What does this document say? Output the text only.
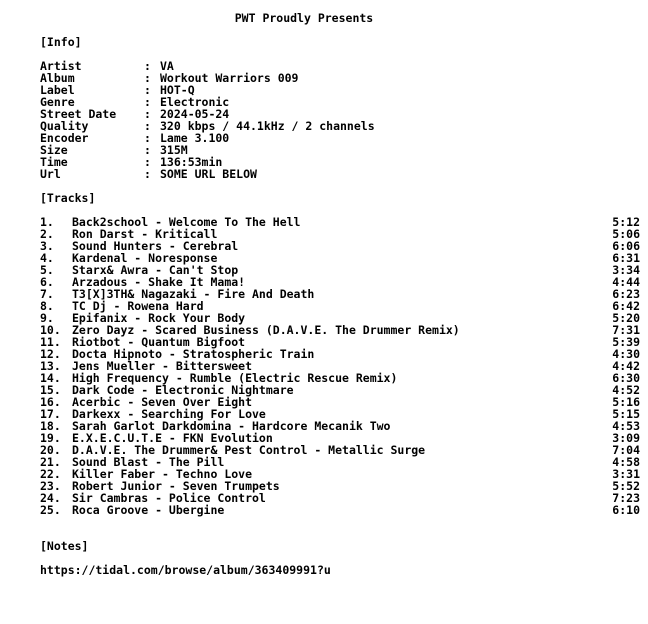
PWT Proudly Presents
[Info]
Artist	: VA
Album	: Workout Warriors 009
Label	: HOT-Q
Genre	: Electronic
Street Date	: 2024-05-24
Quality	: 320 kbps / 44.1kHz / 2 channels
Encoder	: Lame 3.100
Size	: 315M
Time	: 136:53min
Url	: SOME URL BELOW
[Tracks]
1.	Back2school - Welcome To The Hell	5:12
2.	Ron Darst - Kriticall	5:06
3.	Sound Hunters - Cerebral	6:06
4.	Kardenal - Noresponse	6:31
5.	Starx& Awra - Can't Stop	3:34
6.	Arzadous - Shake It Mama!	4:44
7.	T3[X]3TH& Nagazaki - Fire And Death	6:23
8.	TC Dj - Rowena Hard	6:42
9.	Epifanix - Rock Your Body	5:20
10. Zero Dayz - Scared Business (D.A.V.E. The Drummer Remix)	7:31
11. Riotbot - Quantum Bigfoot	5:39
12. Docta Hipnoto - Stratospheric Train	4:30
13. Jens Mueller - Bittersweet	4:42
14. High Frequency - Rumble (Electric Rescue Remix)	6:30
15. Dark Code - Electronic Nightmare	4:52
16. Acerbic - Seven Over Eight	5:16
17. Darkexx - Searching For Love	5:15
18. Sarah Garlot Darkdomina - Hardcore Mecanik Two	4:53
19. E.X.E.C.U.T.E - FKN Evolution	3:09
20. D.A.V.E. The Drummer& Pest Control - Metallic Surge	7:04
21. Sound Blast - The Pill	4:58
22. Killer Faber - Techno Love	3:31
23. Robert Junior - Seven Trumpets	5:52
24. Sir Cambras - Police Control	7:23
25. Roca Groove - Ubergine	6:10
[Notes]
https://tidal.com/browse/album/363409991?u
